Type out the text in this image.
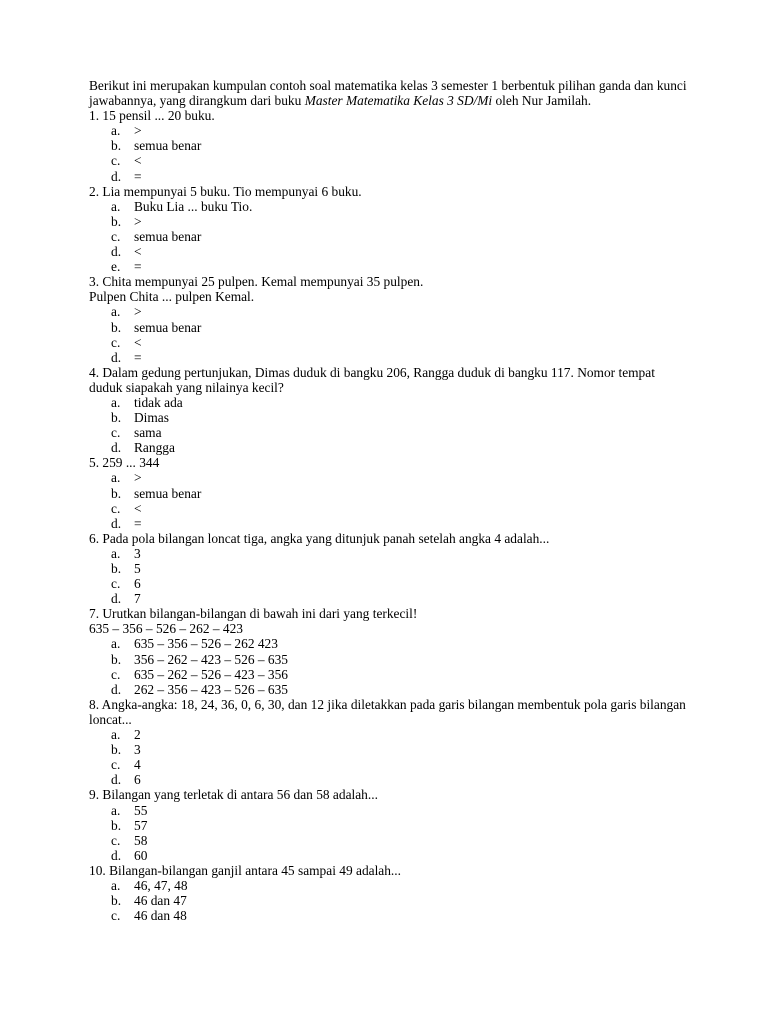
Berikut ini merupakan kumpulan contoh soal matematika kelas 3 semester 1 berbentuk pilihan ganda dan kunci jawabannya, yang dirangkum dari buku Master Matematika Kelas 3 SD/Mi oleh Nur Jamilah.

1. 15 pensil ... 20 buku.

a. >
b. semua benar
c. <
d. =

2. Lia mempunyai 5 buku. Tio mempunyai 6 buku.

a. Buku Lia ... buku Tio.
b. >
c. semua benar
d. <
e. =

3. Chita mempunyai 25 pulpen. Kemal mempunyai 35 pulpen.

Pulpen Chita ... pulpen Kemal.

a. >
b. semua benar
c. <
d. =

4. Dalam gedung pertunjukan, Dimas duduk di bangku 206, Rangga duduk di bangku 117. Nomor tempat duduk siapakah yang nilainya kecil?

a. tidak ada
b. Dimas
c. sama
d. Rangga

5. 259 ... 344

a. >
b. semua benar
c. <
d. =

6. Pada pola bilangan loncat tiga, angka yang ditunjuk panah setelah angka 4 adalah...

a. 3
b. 5
c. 6
d. 7

7. Urutkan bilangan-bilangan di bawah ini dari yang terkecil!

635 – 356 – 526 – 262 – 423

a. 635 – 356 – 526 – 262 423
b. 356 – 262 – 423 – 526 – 635
c. 635 – 262 – 526 – 423 – 356
d. 262 – 356 – 423 – 526 – 635

8. Angka-angka: 18, 24, 36, 0, 6, 30, dan 12 jika diletakkan pada garis bilangan membentuk pola garis bilangan loncat...

a. 2
b. 3
c. 4
d. 6

9. Bilangan yang terletak di antara 56 dan 58 adalah...

a. 55
b. 57
c. 58
d. 60

10. Bilangan-bilangan ganjil antara 45 sampai 49 adalah...

a. 46, 47, 48
b. 46 dan 47
c. 46 dan 48
